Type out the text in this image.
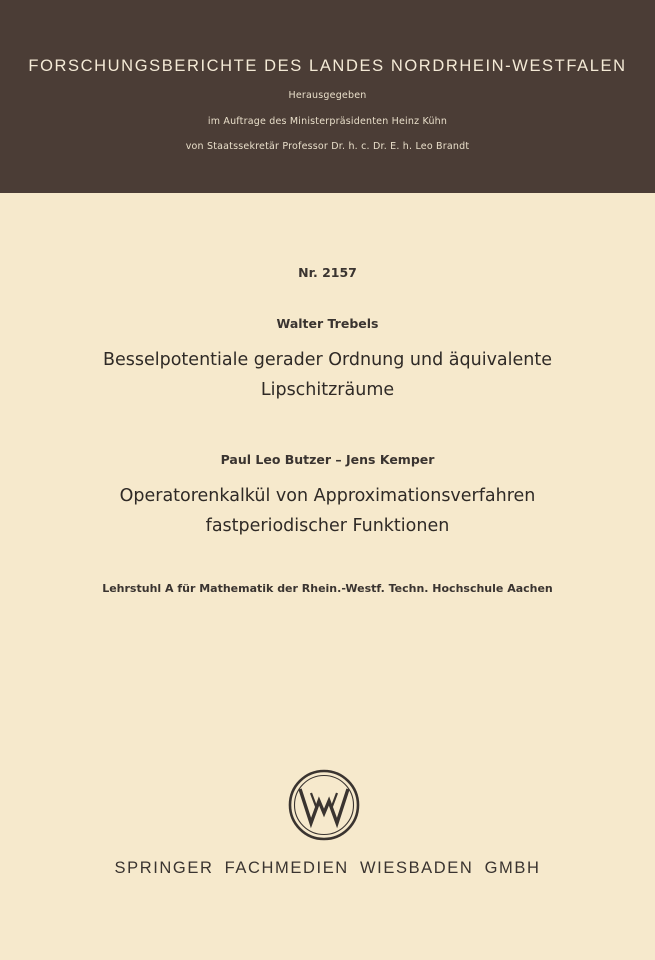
FORSCHUNGSBERICHTE DES LANDES NORDRHEIN-WESTFALEN
Herausgegeben
im Auftrage des Ministerpräsidenten Heinz Kühn
von Staatssekretär Professor Dr. h. c. Dr. E. h. Leo Brandt
Nr. 2157
Walter Trebels
Besselpotentiale gerader Ordnung und äquivalente
Lipschitzräume
Paul Leo Butzer – Jens Kemper
Operatorenkalkül von Approximationsverfahren
fastperiodischer Funktionen
Lehrstuhl A für Mathematik der Rhein.-Westf. Techn. Hochschule Aachen
SPRINGER FACHMEDIEN WIESBADEN GMBH
